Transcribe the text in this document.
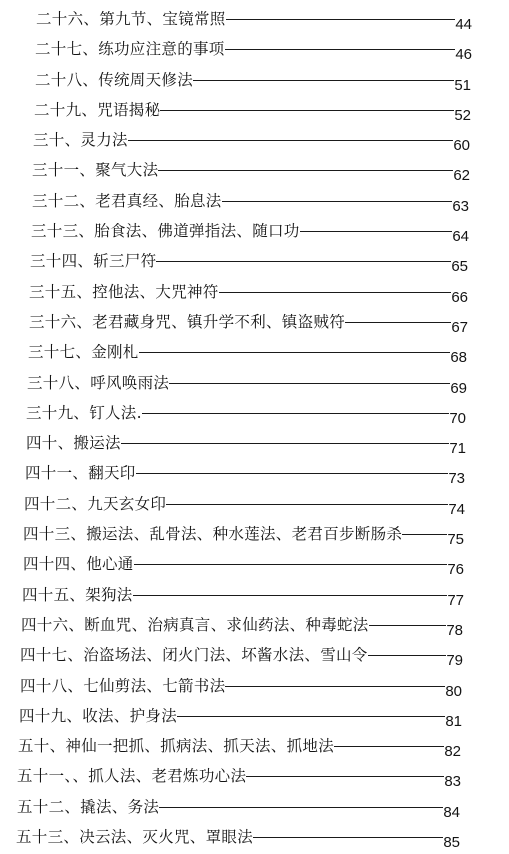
二十六、第九节、宝镜常照	44
二十七、练功应注意的事项	46
二十八、传统周天修法	51
二十九、咒语揭秘	52
三十、灵力法	60
三十一、聚气大法	62
三十二、老君真经、胎息法	63
三十三、胎食法、佛道弹指法、随口功	64
三十四、斩三尸符	65
三十五、控他法、大咒神符	66
三十六、老君藏身咒、镇升学不利、镇盗贼符	67
三十七、金刚札	68
三十八、呼风唤雨法	69
三十九、钉人法.	70
四十、搬运法	71
四十一、翻天印	73
四十二、九天玄女印	74
四十三、搬运法、乱骨法、种水莲法、老君百步断肠杀	75
四十四、他心通	76
四十五、架狗法	77
四十六、断血咒、治病真言、求仙药法、种毒蛇法	78
四十七、治盗场法、闭火门法、坏酱水法、雪山令	79
四十八、七仙剪法、七箭书法	80
四十九、收法、护身法	81
五十、神仙一把抓、抓病法、抓天法、抓地法	82
五十一、、抓人法、老君炼功心法	83
五十二、撬法、务法	84
五十三、决云法、灭火咒、罩眼法	85
